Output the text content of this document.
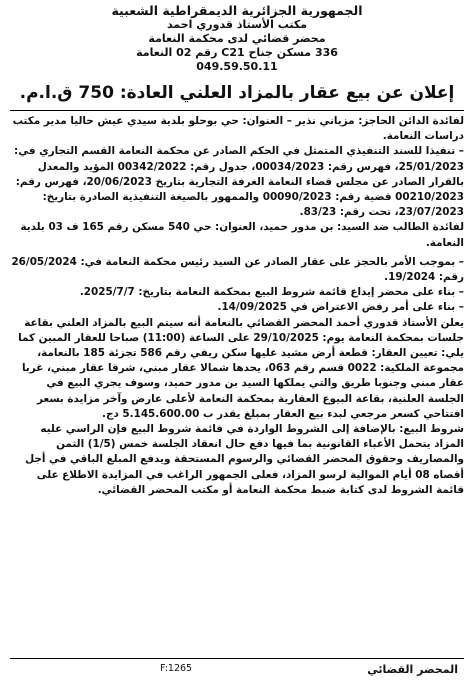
الجمهورية الجزائرية الديمقراطية الشعبية
مكتب الأستاذ قدوري احمد
محضر قضائي لدى محكمة النعامة
336 مسكن جناح C21 رقم 02 النعامة
049.59.50.11
إعلان عن بيع عقار بالمزاد العلني العادة: 750 ق.ا.م.

لفائدة الدائن الحاجز: مزياني نذير – العنوان: حي بوحلو بلدية سيدي عيش حاليا مدير مكتب دراسات النعامة.

– تنفيذا للسند التنفيذي المتمثل في الحكم الصادر عن محكمة النعامة القسم التجاري في: 25/01/2023، فهرس رقم: 00034/2023، جدول رقم: 00342/2022 المؤيد والمعدل بالقرار الصادر عن مجلس قضاء النعامة الغرفة التجارية بتاريخ 20/06/2023، فهرس رقم: 00210/2023 قضية رقم: 00090/2023 والممهور بالصيغة التنفيذية الصادرة بتاريخ: 23/07/2023، تحت رقم: 83/23.

لفائدة الطالب ضد السيد: بن مدور حميد، العنوان: حي 540 مسكن رقم 165 ف 03 بلدية النعامة.

– بموجب الأمر بالحجز على عقار الصادر عن السيد رئيس محكمة النعامة في: 26/05/2024 رقم: 19/2024.

– بناء على محضر إيداع قائمة شروط البيع بمحكمة النعامة بتاريخ: 2025/7/7.

– بناء على أمر رفض الاعتراض في 14/09/2025.

يعلن الأستاذ قدوري أحمد المحضر القضائي بالنعامة أنه سيتم البيع بالمزاد العلني بقاعة جلسات بمحكمة النعامة يوم: 29/10/2025 على الساعة (11:00) صباحا للعقار المبين كما يلي: تعيين العقار: قطعة أرض مشيد عليها سكن ريفي رقم 586 تجزئة 185 بالنعامة، مجموعة الملكية: 0022 قسم رقم 063، يحدها شمالا عقار مبني، شرقا عقار مبني، غربا عقار مبني وجنوبا طريق والتي يملكها السيد بن مدور حميد، وسوف يجري البيع في الجلسة العلنية، بقاعة البيوع العقارية بمحكمة النعامة لأعلى عارض وآخر مزايدة بسعر افتتاحي كسعر مرجعي لبدء بيع العقار بمبلغ يقدر ب 5.145.600.00 دج.

شروط البيع: بالإضافة إلى الشروط الواردة في قائمة شروط البيع فإن الراسي عليه المزاد يتحمل الأعباء القانونية بما فيها دفع حال انعقاد الجلسة خمس (1/5) الثمن والمصاريف وحقوق المحضر القضائي والرسوم المستحقة ويدفع المبلغ الباقي في أجل أقصاه 08 أيام الموالية لرسو المزاد، فعلى الجمهور الراغب في المزايدة الاطلاع على قائمة الشروط لدى كتابة ضبط محكمة النعامة أو مكتب المحضر القضائي.

المحضر القضائي
F:1265
